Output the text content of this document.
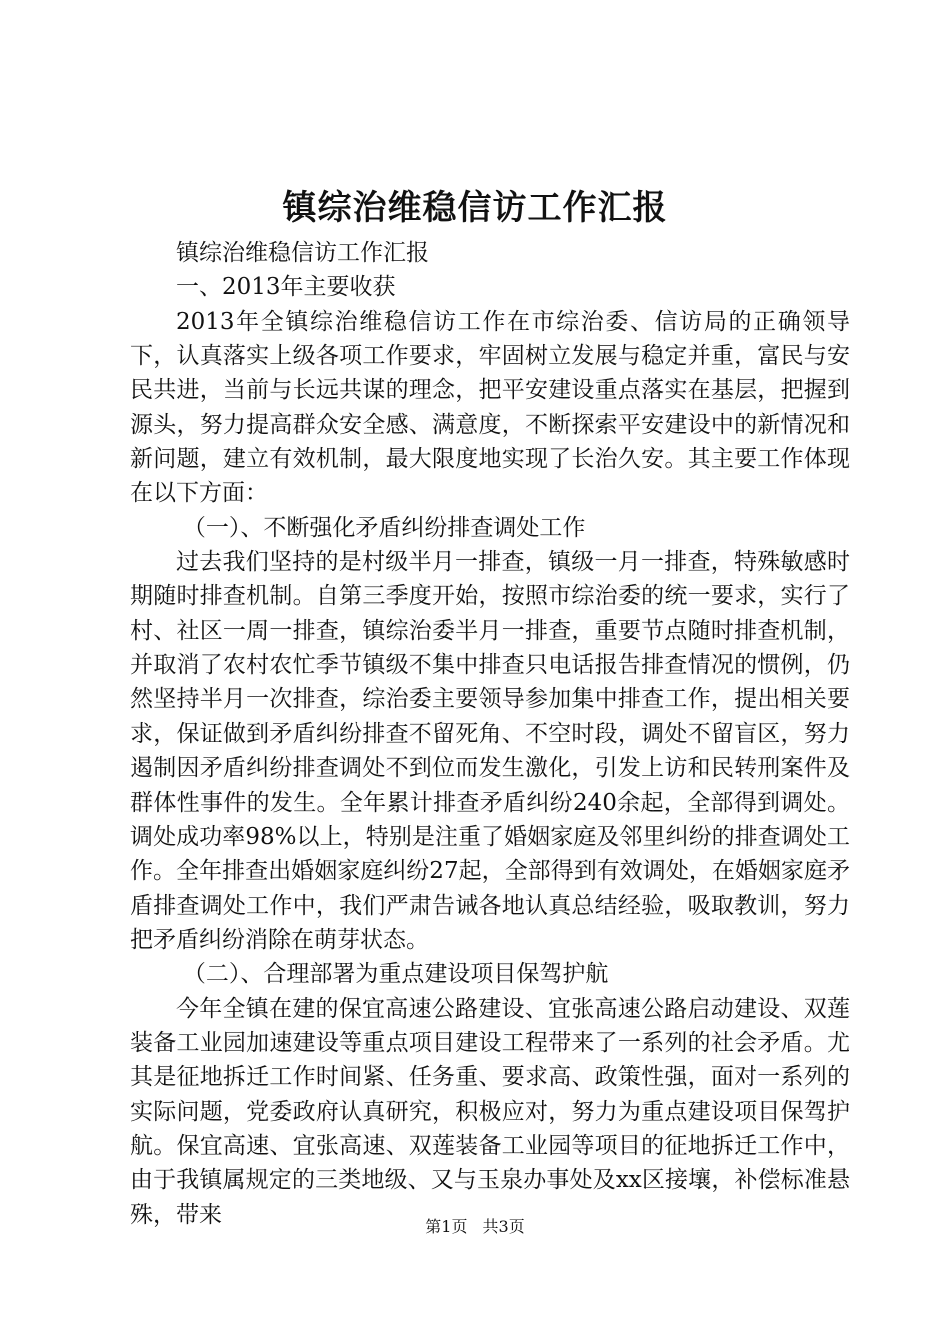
镇综治维稳信访工作汇报

镇综治维稳信访工作汇报

一、2013年主要收获

2013年全镇综治维稳信访工作在市综治委、信访局的正确领导下，认真落实上级各项工作要求，牢固树立发展与稳定并重，富民与安民共进，当前与长远共谋的理念，把平安建设重点落实在基层，把握到源头，努力提高群众安全感、满意度，不断探索平安建设中的新情况和新问题，建立有效机制，最大限度地实现了长治久安。其主要工作体现在以下方面：

（一）、不断强化矛盾纠纷排查调处工作

过去我们坚持的是村级半月一排查，镇级一月一排查，特殊敏感时期随时排查机制。自第三季度开始，按照市综治委的统一要求，实行了村、社区一周一排查，镇综治委半月一排查，重要节点随时排查机制，并取消了农村农忙季节镇级不集中排查只电话报告排查情况的惯例，仍然坚持半月一次排查，综治委主要领导参加集中排查工作，提出相关要求，保证做到矛盾纠纷排查不留死角、不空时段，调处不留盲区，努力遏制因矛盾纠纷排查调处不到位而发生激化，引发上访和民转刑案件及群体性事件的发生。全年累计排查矛盾纠纷240余起，全部得到调处。调处成功率98%以上，特别是注重了婚姻家庭及邻里纠纷的排查调处工作。全年排查出婚姻家庭纠纷27起，全部得到有效调处，在婚姻家庭矛盾排查调处工作中，我们严肃告诫各地认真总结经验，吸取教训，努力把矛盾纠纷消除在萌芽状态。

（二）、合理部署为重点建设项目保驾护航

今年全镇在建的保宜高速公路建设、宜张高速公路启动建设、双莲装备工业园加速建设等重点项目建设工程带来了一系列的社会矛盾。尤其是征地拆迁工作时间紧、任务重、要求高、政策性强，面对一系列的实际问题，党委政府认真研究，积极应对，努力为重点建设项目保驾护航。保宜高速、宜张高速、双莲装备工业园等项目的征地拆迁工作中，由于我镇属规定的三类地级、又与玉泉办事处及xx区接壤，补偿标准悬殊，带来	第1页 共3页
